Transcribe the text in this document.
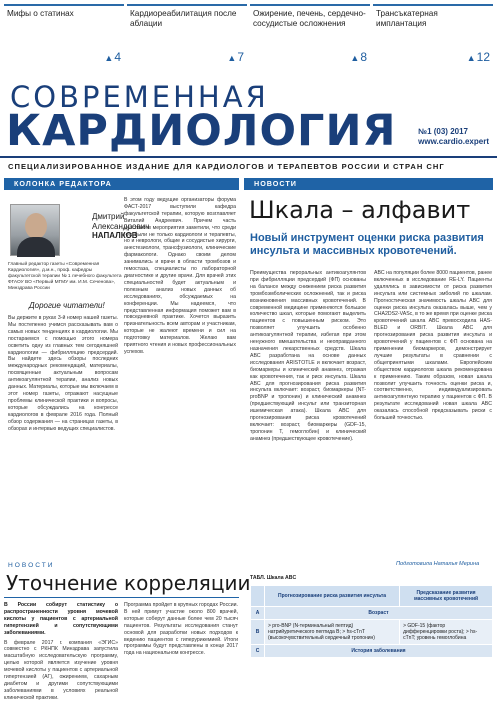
Мифы о статинах
▲4
Кардиореабилитация после аблации
▲7
Ожирение, печень, сердечно-сосудистые осложнения
▲8
Трансъкатерная имплантация
▲12
СОВРЕМЕННАЯ
КАРДИОЛОГИЯ	№1 (03) 2017
www.cardio.expert
СПЕЦИАЛИЗИРОВАННОЕ ИЗДАНИЕ ДЛЯ КАРДИОЛОГОВ И ТЕРАПЕВТОВ РОССИИ И СТРАН СНГ
КОЛОНКА РЕДАКТОРА	НОВОСТИ
Дмитрий
Александрович

НАПАЛКОВ
Главный редактор газеты «Современная Кардиология», д.м.н., проф. кафедры факультетской терапии № 1 лечебного факультета ФГАОУ ВО «Первый МГМУ им. И.М. Сеченова», Минздрава России
Дорогие читатели!
Вы держите в руках 3-й номер нашей газеты. Мы постепенно учимся рассказывать вам о самых новых тенденциях в кардиологии. Мы постараемся с помощью этого номера осветить одну из главных тем сегодняшней кардиологии — фибрилляцию предсердий. Вы найдете здесь обзоры последних международных рекомендаций, материалы, посвященные актуальным вопросам антикоагулянтной терапии, анализ новых данных. Материалы, которые мы включаем в этот номер газеты, отражают насущные проблемы клинической практики и вопросы, которые обсуждались на конгрессе кардиологов в феврале 2016 года. Полный обзор содержания — на страницах газеты, в обзорах и интервью ведущих специалистов.
В этом году ведущие организаторы форума ФАСТ-2017 выступили кафедра факультетской терапии, которую возглавляет Виталий Андреевич. Причем часть участников мероприятия заметили, что среди них были не только кардиологи и терапевты, но и неврологи, общие и сосудистые хирурги, анестезиологи, трансфузиологи, клинические фармакологи. Однако своим делом занимались и врачи в области тромбозов и гемостаза, специалисты по лабораторной диагностике и другие врачи. Для врачей этих специальностей будет актуальным и полезным анализ новых данных об исследованиях, обсуждаемых на конференции. Мы надеемся, что представленная информация поможет вам в повседневной практике. Хочется выразить признательность всем авторам и участникам, которые не жалеют времени и сил на подготовку материалов. Желаю вам приятного чтения и новых профессиональных успехов.
Шкала – алфавит
Новый инструмент оценки риска развития инсульта и массивных кровотечений.
Преимущества пероральных антикоагулянтов при фибрилляции предсердий (ФП) основаны на балансе между снижением риска развития тромбоэмболических осложнений, так и риска возникновения массивных кровотечений. В современной медицине применяются большое количество шкал, которые помогают выделить пациентов с повышенным риском. Это позволяет улучшить особенно антикоагулянтной терапии, избегая при этом ненужного вмешательства и неоправданного назначения лекарственных средств. Шкала ABC разработана на основе данных исследования ARISTOTLE и включает возраст, биомаркеры и клинический анамнез, отражая как кровотечения, так и риск инсульта. Шкала ABC для прогнозирования риска развития инсульта включает: возраст, биомаркеры (NT-proBNP и тропонин) и клинический анамнез (предшествующий инсульт или транзиторная ишемическая атака). Шкала ABC для прогнозирования риска кровотечений включает: возраст, биомаркеры (GDF-15, тропонин Т, гемоглобин) и клинический анамнез (предшествующее кровотечение).
ABC на популяции более 8000 пациентов, ранее включенных в исследование RE-LY. Пациенты удалялись в зависимости от риска развития инсульта или системных эмболий по шкалам. Прогностическая значимость шкалы ABC для оценки риска инсульта оказалась выше, чем у CHA2DS2-VASc, в то же время при оценке риска кровотечений шкала ABC превосходила HAS-BLED и ORBIT. Шкала ABC для прогнозирования риска развития инсульта и кровотечений у пациентов с ФП основана на применении биомаркеров, демонстрирует лучшие результаты в сравнении с общепринятыми шкалами. Европейским обществом кардиологов шкала рекомендована к применению. Таким образом, новая шкала позволит улучшить точность оценки риска и, соответственно, индивидуализировать антикоагулянтную терапию у пациентов с ФП. В результате исследований новая шкала ABC оказалась способной предсказывать риски с большей точностью.
Подготовила Наталья Мерина
ТАБЛ. Шкала ABC
	Прогнозирование риска развития инсульта	Предсказание развития массивных кровотечений
A	Возраст	
B	> pro-BNP (N-терминальный пептид) натрийуретического пептида B; > hs-cTnT (высокочувствительный сердечный тропонин)	> GDF-15 (фактор дифференцировки роста); > hs-cTnT; уровень гемоглобина
C	История заболевания	
НОВОСТИ
Уточнение корреляции
В России собирут статистику о распространенности уровня мочевой кислоты у пациентов с артериальной гипертензией и сопутствующими заболеваниями.
В феврале 2017 г. компания «ЭГИС» совместно с РКНПК Минздрава запустила масштабную исследовательскую программу, целью которой является изучение уровня мочевой кислоты у пациентов с артериальной гипертензией (АГ), ожирением, сахарным диабетом и другими сопутствующими заболеваниями в условиях реальной клинической практики.
Программа пройдет в крупных городах России. В ней примут участие около 800 врачей, которые соберут данные более чем 20 тысяч пациентов. Результаты исследования станут основой для разработки новых подходов к ведению пациентов с гиперурикемией. Итоги программы будут представлены в конце 2017 года на национальном конгрессе.
